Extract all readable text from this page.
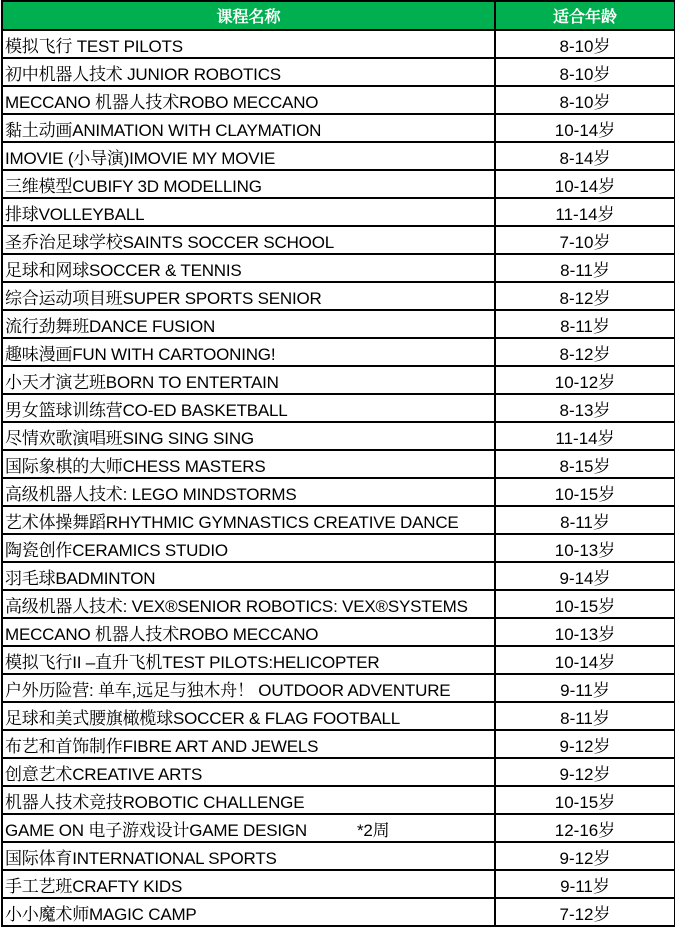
课程名称	适合年龄
模拟飞行 TEST PILOTS	8-10岁
初中机器人技术 JUNIOR ROBOTICS	8-10岁
MECCANO 机器人技术ROBO MECCANO	8-10岁
黏土动画ANIMATION WITH CLAYMATION	10-14岁
IMOVIE (小导演)IMOVIE MY MOVIE	8-14岁
三维模型CUBIFY 3D MODELLING	10-14岁
排球VOLLEYBALL	11-14岁
圣乔治足球学校SAINTS SOCCER SCHOOL	7-10岁
足球和网球SOCCER & TENNIS	8-11岁
综合运动项目班SUPER SPORTS SENIOR	8-12岁
流行劲舞班DANCE FUSION	8-11岁
趣味漫画FUN WITH CARTOONING!	8-12岁
小天才演艺班BORN TO ENTERTAIN	10-12岁
男女篮球训练营CO-ED BASKETBALL	8-13岁
尽情欢歌演唱班SING SING SING	11-14岁
国际象棋的大师CHESS MASTERS	8-15岁
高级机器人技术: LEGO MINDSTORMS	10-15岁
艺术体操舞蹈RHYTHMIC GYMNASTICS CREATIVE DANCE	8-11岁
陶瓷创作CERAMICS STUDIO	10-13岁
羽毛球BADMINTON	9-14岁
高级机器人技术: VEX®SENIOR ROBOTICS: VEX®SYSTEMS	10-15岁
MECCANO 机器人技术ROBO MECCANO	10-13岁
模拟飞行II –直升飞机TEST PILOTS:HELICOPTER	10-14岁
户外历险营: 单车,远足与独木舟！ OUTDOOR ADVENTURE	9-11岁
足球和美式腰旗橄榄球SOCCER & FLAG FOOTBALL	8-11岁
布艺和首饰制作FIBRE ART AND JEWELS	9-12岁
创意艺术CREATIVE ARTS	9-12岁
机器人技术竞技ROBOTIC CHALLENGE	10-15岁
GAME ON 电子游戏设计GAME DESIGN *2周	12-16岁
国际体育INTERNATIONAL SPORTS	9-12岁
手工艺班CRAFTY KIDS	9-11岁
小小魔术师MAGIC CAMP	7-12岁
